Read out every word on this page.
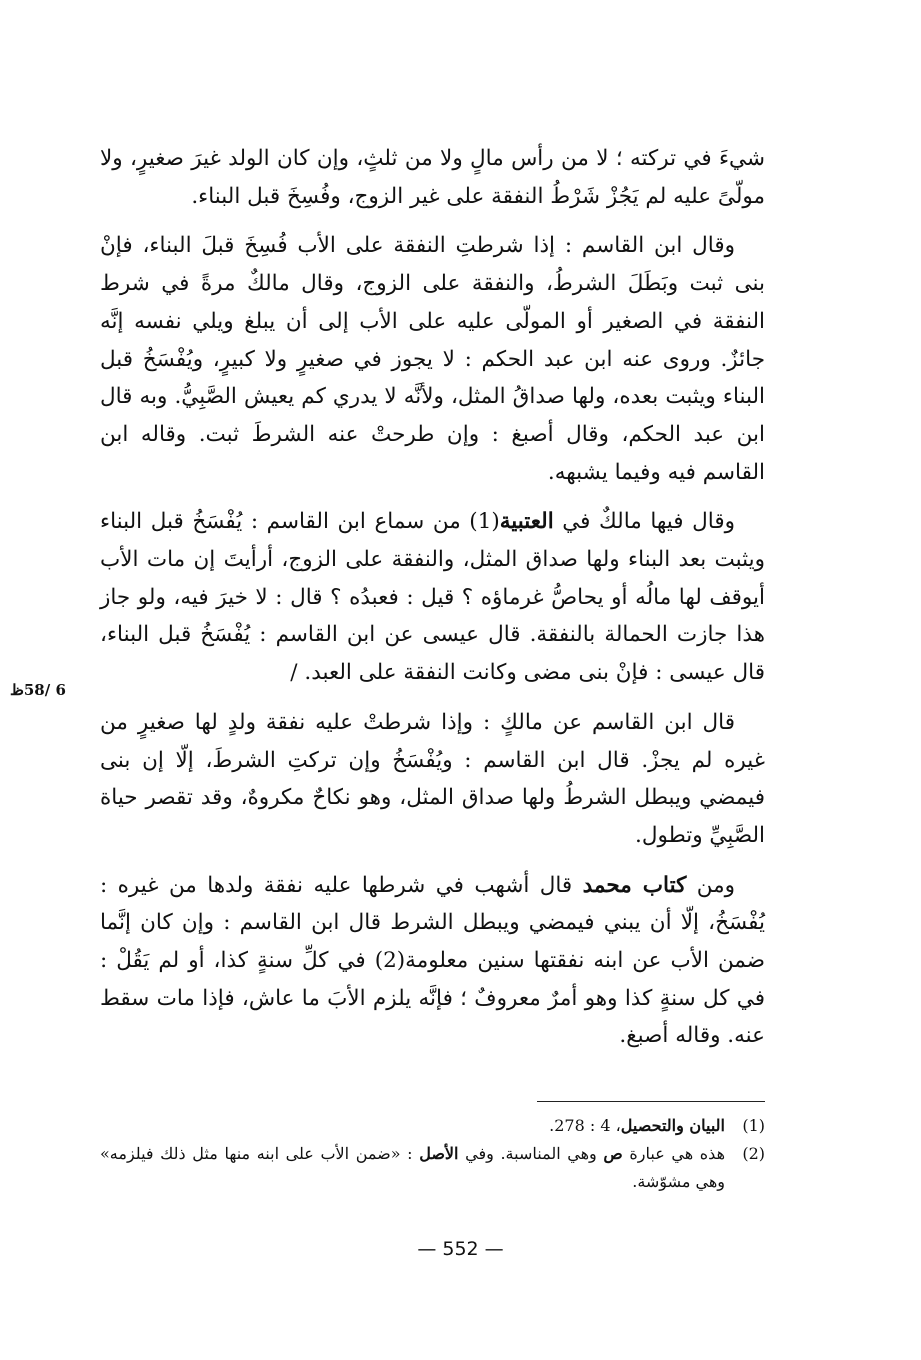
شيءَ في تركته ؛ لا من رأس مالٍ ولا من ثلثٍ، وإن كان الولد غيرَ صغيرٍ، ولا مولّىً عليه لم يَجُزْ شَرْطُ النفقة على غير الزوج، وفُسِخَ قبل البناء.

وقال ابن القاسم : إذا شرطتِ النفقة على الأب فُسِخَ قبلَ البناء، فإنْ بنى ثبت وبَطَلَ الشرطُ، والنفقة على الزوج، وقال مالكٌ مرةً في شرط النفقة في الصغير أو المولّى عليه على الأب إلى أن يبلغ ويلي نفسه إنَّه جائزٌ. وروى عنه ابن عبد الحكم : لا يجوز في صغيرٍ ولا كبيرٍ، ويُفْسَخُ قبل البناء ويثبت بعده، ولها صداقُ المثل، ولأنَّه لا يدري كم يعيش الصَّبِيُّ. وبه قال ابن عبد الحكم، وقال أصبغ : وإن طرحتْ عنه الشرطَ ثبت. وقاله ابن القاسم فيه وفيما يشبهه.

وقال فيها مالكٌ في العتبية(1) من سماع ابن القاسم : يُفْسَخُ قبل البناء ويثبت بعد البناء ولها صداق المثل، والنفقة على الزوج، أرأيتَ إن مات الأب أيوقف لها مالُه أو يحاصُّ غرماؤه ؟ قيل : فعبدُه ؟ قال : لا خيرَ فيه، ولو جاز هذا جازت الحمالة بالنفقة. قال عيسى عن ابن القاسم : يُفْسَخُ قبل البناء، قال عيسى : فإنْ بنى مضى وكانت النفقة على العبد. /

قال ابن القاسم عن مالكٍ : وإذا شرطتْ عليه نفقة ولدٍ لها صغيرٍ من غيره لم يجزْ. قال ابن القاسم : ويُفْسَخُ وإن تركتِ الشرطَ، إلّا إن بنى فيمضي ويبطل الشرطُ ولها صداق المثل، وهو نكاحٌ مكروهٌ، وقد تقصر حياة الصَّبِيِّ وتطول.

ومن كتاب محمد قال أشهب في شرطها عليه نفقة ولدها من غيره : يُفْسَخُ، إلّا أن يبني فيمضي ويبطل الشرط قال ابن القاسم : وإن كان إنَّما ضمن الأب عن ابنه نفقتها سنين معلومة(2) في كلِّ سنةٍ كذا، أو لم يَقُلْ : في كل سنةٍ كذا وهو أمرٌ معروفٌ ؛ فإنَّه يلزم الأبَ ما عاش، فإذا مات سقط عنه. وقاله أصبغ.

6 /58ظ
(1)
البيان والتحصيل، 4 : 278.
(2)
هذه هي عبارة ص وهي المناسبة. وفي الأصل : «ضمن الأب على ابنه منها مثل ذلك فيلزمه» وهي مشوّشة.
— 552 —
